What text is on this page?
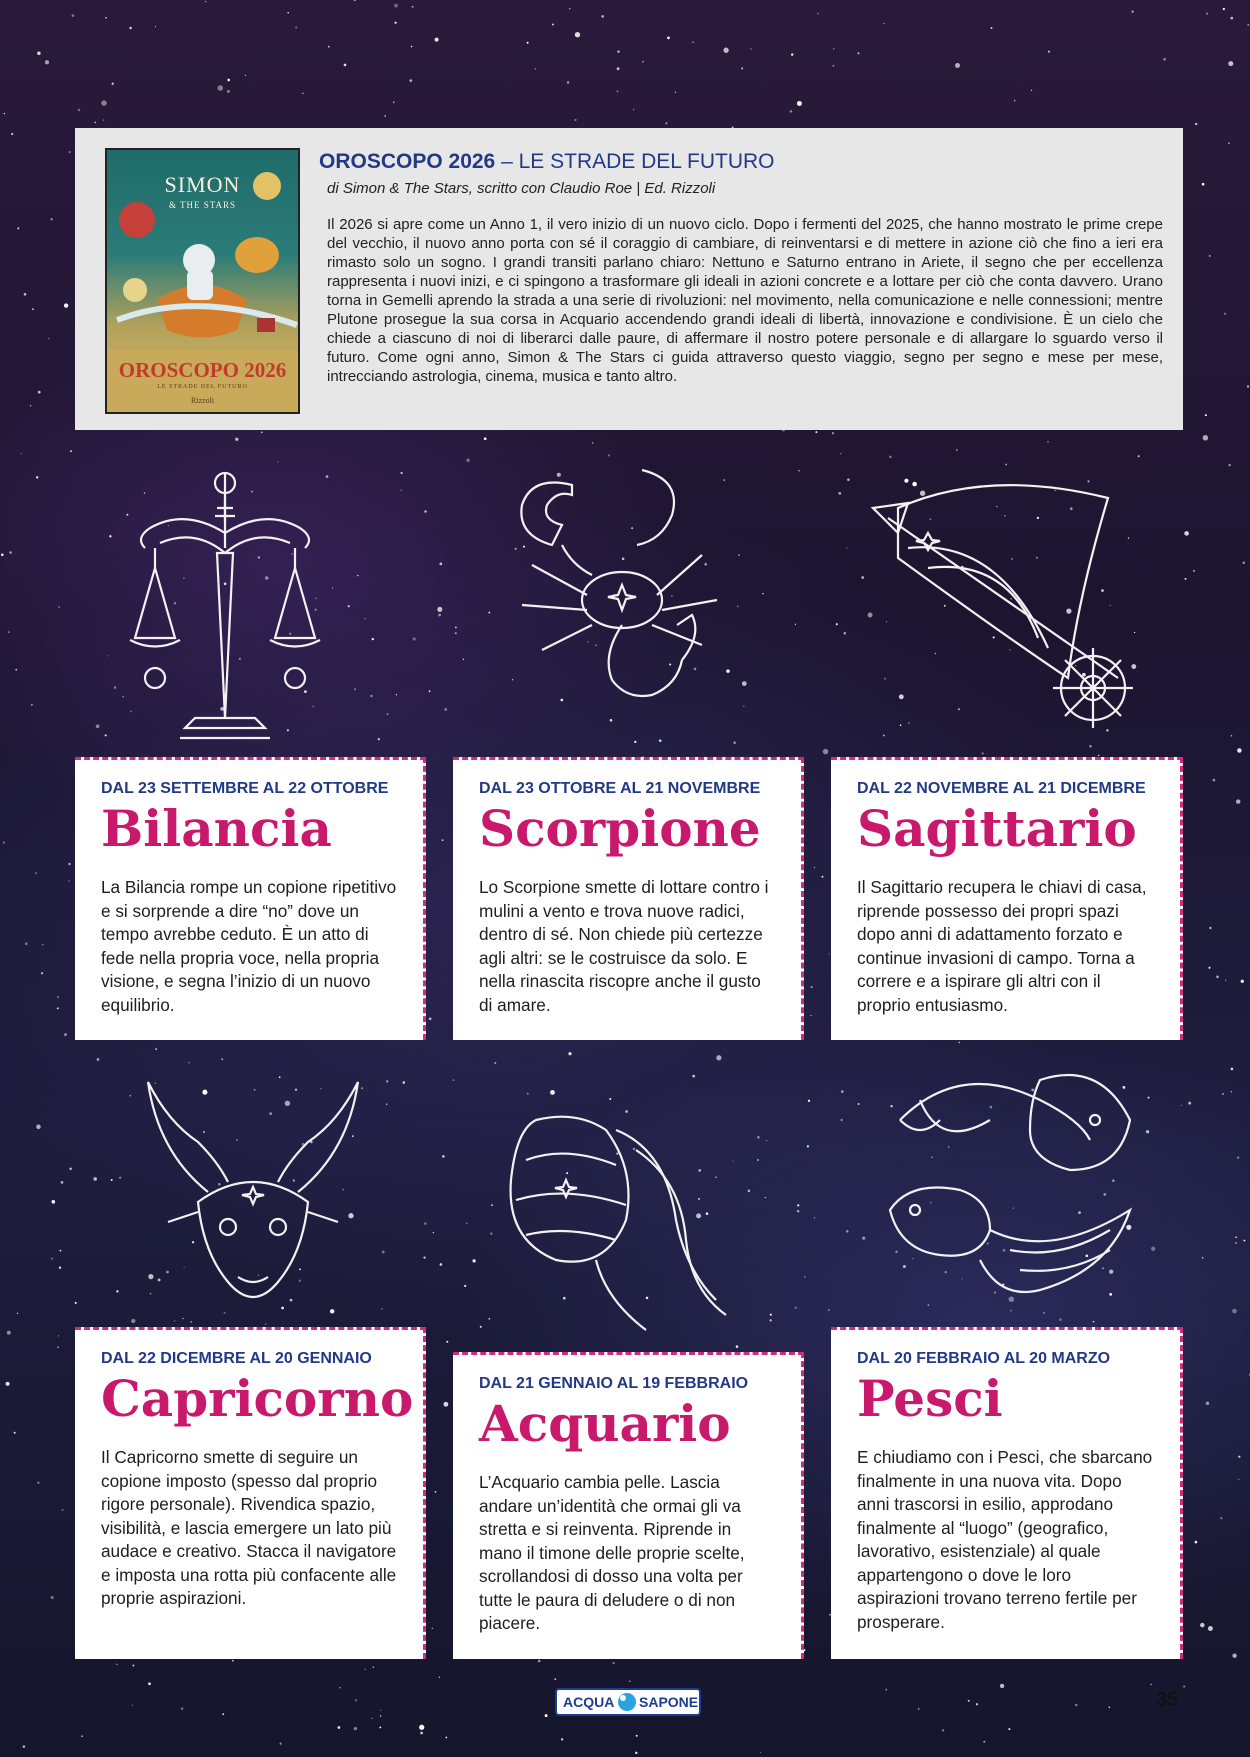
SIMON
& THE STARS
OROSCOPO 2026
LE STRADE DEL FUTURO
Rizzoli
OROSCOPO 2026 – LE STRADE DEL FUTURO
di Simon & The Stars, scritto con Claudio Roe | Ed. Rizzoli
Il 2026 si apre come un Anno 1, il vero inizio di un nuovo ciclo. Dopo i fermenti del 2025, che hanno mostrato le prime crepe del vecchio, il nuovo anno porta con sé il coraggio di cambiare, di reinventarsi e di mettere in azione ciò che fino a ieri era rimasto solo un sogno. I grandi transiti parlano chiaro: Nettuno e Saturno entrano in Ariete, il segno che per eccellenza rappresenta i nuovi inizi, e ci spingono a trasformare gli ideali in azioni concrete e a lottare per ciò che conta davvero. Urano torna in Gemelli aprendo la strada a una serie di rivoluzioni: nel movimento, nella comunicazione e nelle connessioni; mentre Plutone prosegue la sua corsa in Acquario accendendo grandi ideali di libertà, innovazione e condivisione. È un cielo che chiede a ciascuno di noi di liberarci dalle paure, di affermare il nostro potere personale e di allargare lo sguardo verso il futuro. Come ogni anno, Simon & The Stars ci guida attraverso questo viaggio, segno per segno e mese per mese, intrecciando astrologia, cinema, musica e tanto altro.
DAL 23 SETTEMBRE AL 22 OTTOBRE
Bilancia
La Bilancia rompe un copione ripetitivo e si sorprende a dire “no” dove un tempo avrebbe ceduto. È un atto di fede nella propria voce, nella propria visione, e segna l’inizio di un nuovo equilibrio.
DAL 23 OTTOBRE AL 21 NOVEMBRE
Scorpione
Lo Scorpione smette di lottare contro i mulini a vento e trova nuove radici, dentro di sé. Non chiede più certezze agli altri: se le costruisce da solo. E nella rinascita riscopre anche il gusto di amare.
DAL 22 NOVEMBRE AL 21 DICEMBRE
Sagittario
Il Sagittario recupera le chiavi di casa, riprende possesso dei propri spazi dopo anni di adattamento forzato e continue invasioni di campo. Torna a correre e a ispirare gli altri con il proprio entusiasmo.
DAL 22 DICEMBRE AL 20 GENNAIO
Capricorno
Il Capricorno smette di seguire un copione imposto (spesso dal proprio rigore personale). Rivendica spazio, visibilità, e lascia emergere un lato più audace e creativo. Stacca il navigatore e imposta una rotta più confacente alle proprie aspirazioni.
DAL 21 GENNAIO AL 19 FEBBRAIO
Acquario
L’Acquario cambia pelle. Lascia andare un’identità che ormai gli va stretta e si reinventa. Riprende in mano il timone delle proprie scelte, scrollandosi di dosso una volta per tutte le paura di deludere o di non piacere.
DAL 20 FEBBRAIO AL 20 MARZO
Pesci
E chiudiamo con i Pesci, che sbarcano finalmente in una nuova vita. Dopo anni trascorsi in esilio, approdano finalmente al “luogo” (geografico, lavorativo, esistenziale) al quale appartengono o dove le loro aspirazioni trovano terreno fertile per prosperare.
ACQUA SAPONE	35
